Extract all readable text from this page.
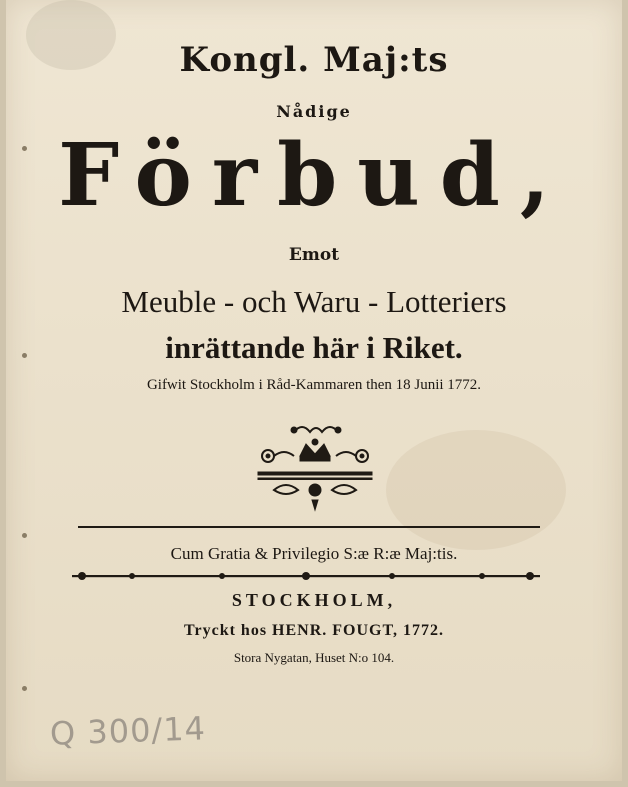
Kongl. Maj:ts
Nådige
Förbud,
Emot
Meuble - och Waru - Lotteriers
inrättande här i Riket.
Gifwit Stockholm i Råd-Kammaren then 18 Junii 1772.
Cum Gratia & Privilegio S:æ R:æ Maj:tis.
STOCKHOLM,
Tryckt hos HENR. FOUGT, 1772.
Stora Nygatan, Huset N:o 104.
Q 300/14
